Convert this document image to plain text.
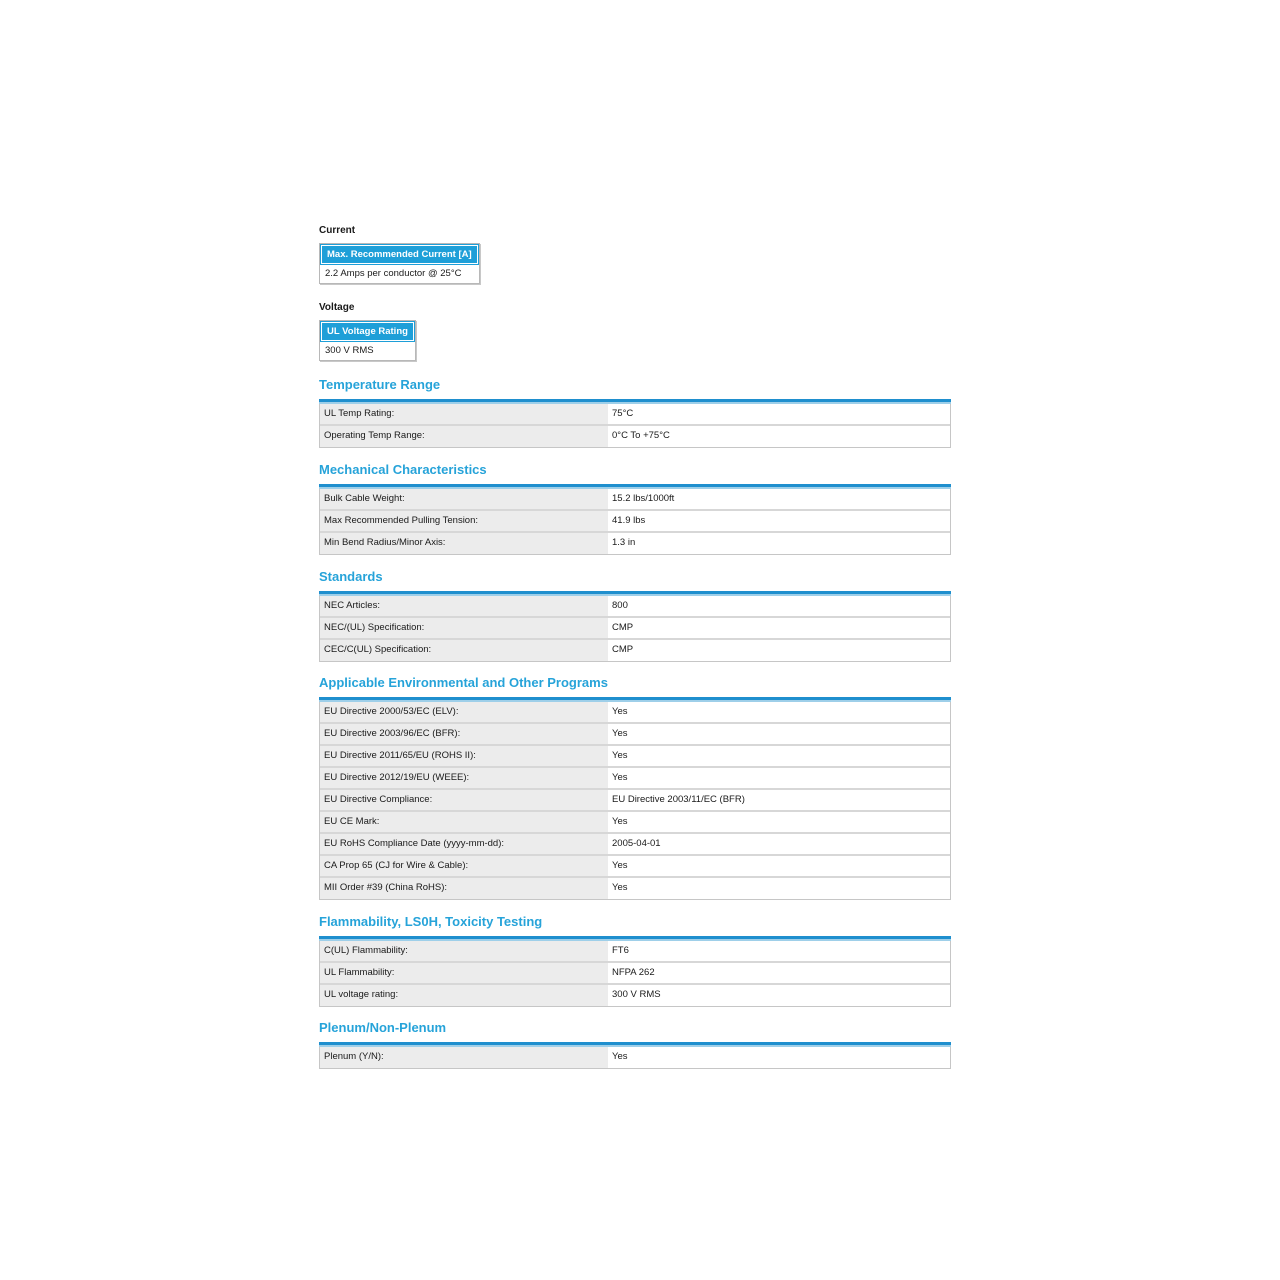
Current
Max. Recommended Current [A]
2.2 Amps per conductor @ 25°C
Voltage
UL Voltage Rating
300 V RMS
Temperature Range
UL Temp Rating:	75°C
Operating Temp Range:	0°C To +75°C
Mechanical Characteristics
Bulk Cable Weight:	15.2 lbs/1000ft
Max Recommended Pulling Tension:	41.9 lbs
Min Bend Radius/Minor Axis:	1.3 in
Standards
NEC Articles:	800
NEC/(UL) Specification:	CMP
CEC/C(UL) Specification:	CMP
Applicable Environmental and Other Programs
EU Directive 2000/53/EC (ELV):	Yes
EU Directive 2003/96/EC (BFR):	Yes
EU Directive 2011/65/EU (ROHS II):	Yes
EU Directive 2012/19/EU (WEEE):	Yes
EU Directive Compliance:	EU Directive 2003/11/EC (BFR)
EU CE Mark:	Yes
EU RoHS Compliance Date (yyyy-mm-dd):	2005-04-01
CA Prop 65 (CJ for Wire & Cable):	Yes
MII Order #39 (China RoHS):	Yes
Flammability, LS0H, Toxicity Testing
C(UL) Flammability:	FT6
UL Flammability:	NFPA 262
UL voltage rating:	300 V RMS
Plenum/Non-Plenum
Plenum (Y/N):	Yes
